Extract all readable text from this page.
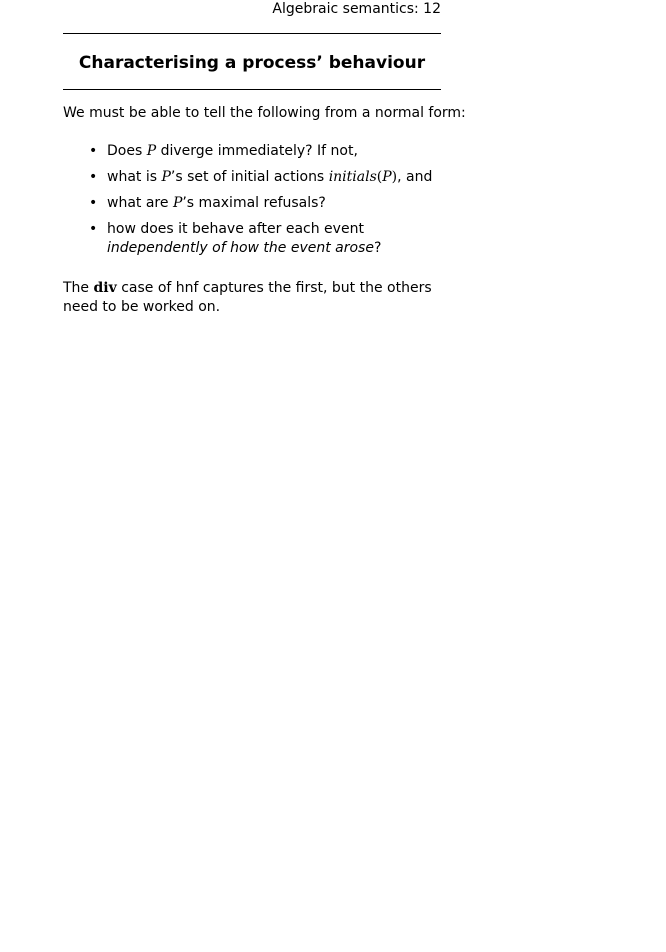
Algebraic semantics: 12
Characterising a process’ behaviour
We must be able to tell the following from a normal form:
• Does P diverge immediately? If not,
• what is P’s set of initial actions initials(P), and
• what are P’s maximal refusals?
• how does it behave after each event independently of how the event arose?
The div case of hnf captures the first, but the others need to be worked on.
